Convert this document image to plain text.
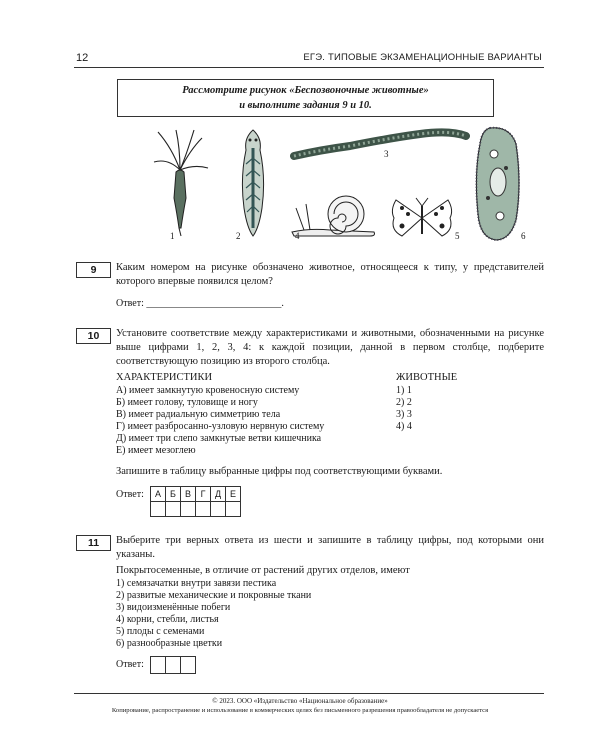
12	ЕГЭ. ТИПОВЫЕ ЭКЗАМЕНАЦИОННЫЕ ВАРИАНТЫ
Рассмотрите рисунок «Беспозвоночные животные»
и выполните задания 9 и 10.
1	2
3
4	5	6
9	Каким номером на рисунке обозначено животное, относящееся к типу, у представителей которого впервые появился целом?
Ответ: ___________________________.
10	Установите соответствие между характеристиками и животными, обозначенными на рисунке выше цифрами 1, 2, 3, 4: к каждой позиции, данной в первом столбце, подберите соответствующую позицию из второго столбца.
ХАРАКТЕРИСТИКИ	ЖИВОТНЫЕ
А) имеет замкнутую кровеносную систему
Б) имеет голову, туловище и ногу
В) имеет радиальную симметрию тела
Г) имеет разбросанно-узловую нервную систему
Д) имеет три слепо замкнутые ветви кишечника
Е) имеет мезоглею
1) 1
2) 2
3) 3
4) 4
Запишите в таблицу выбранные цифры под соответствующими буквами.
Ответ: А	Б	В	Г	Д	Е

11	Выберите три верных ответа из шести и запишите в таблицу цифры, под которыми они указаны.
Покрытосеменные, в отличие от растений других отделов, имеют
1) семязачатки внутри завязи пестика
2) развитые механические и покровные ткани
3) видоизменённые побеги
4) корни, стебли, листья
5) плоды с семенами
6) разнообразные цветки
Ответ:

© 2023. ООО «Издательство «Национальное образование»
Копирование, распространение и использование в коммерческих целях без письменного разрешения правообладателя не допускается
